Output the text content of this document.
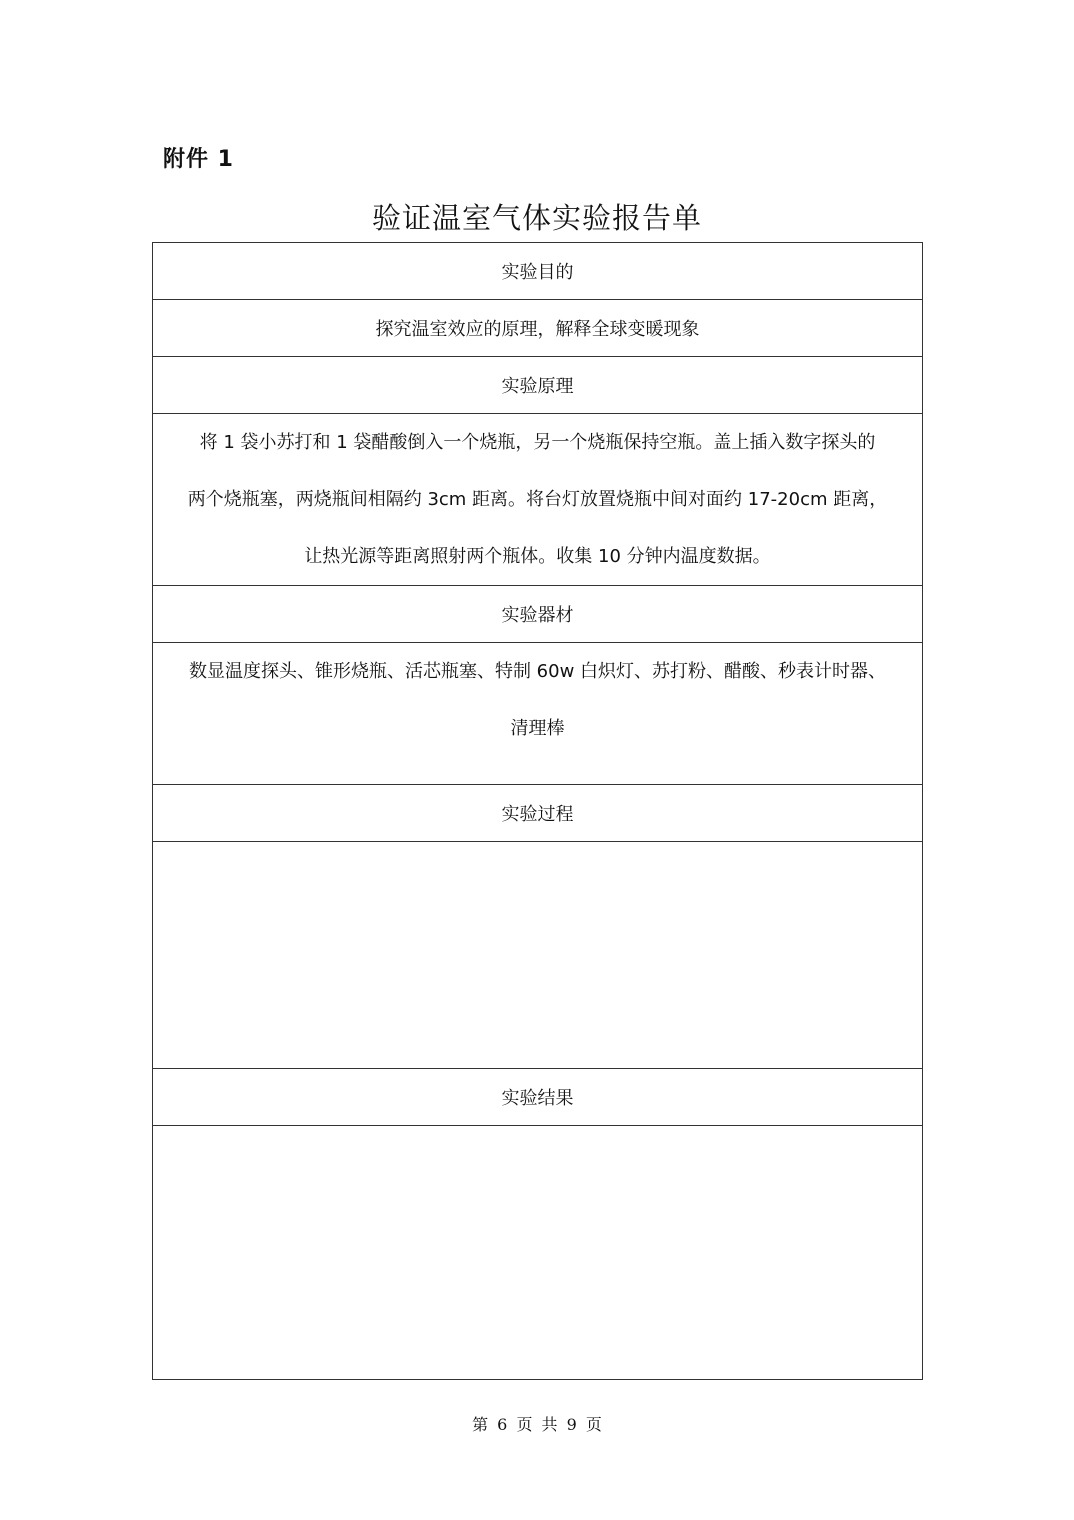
附件 1
验证温室气体实验报告单
实验目的
探究温室效应的原理，解释全球变暖现象
实验原理

将 1 袋小苏打和 1 袋醋酸倒入一个烧瓶，另一个烧瓶保持空瓶。盖上插入数字探头的
两个烧瓶塞，两烧瓶间相隔约 3cm 距离。将台灯放置烧瓶中间对面约 17-20cm 距离，
让热光源等距离照射两个瓶体。收集 10 分钟内温度数据。

实验器材

数显温度探头、锥形烧瓶、活芯瓶塞、特制 60w 白炽灯、苏打粉、醋酸、秒表计时器、
清理棒

实验过程

实验结果

第 6 页 共 9 页
